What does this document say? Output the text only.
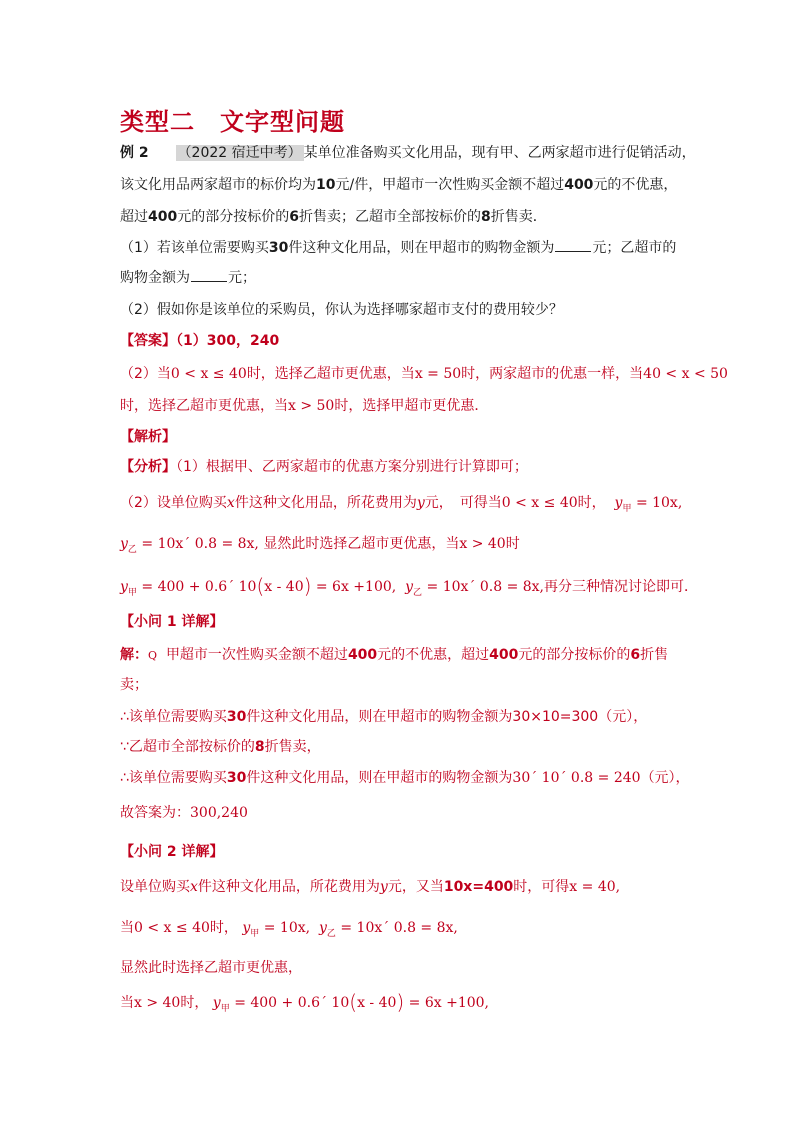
类型二　文字型问题
例 2 （2022 宿迁中考） 某单位准备购买文化用品，现有甲、乙两家超市进行促销活动，
该文化用品两家超市的标价均为10元/件，甲超市一次性购买金额不超过400元的不优惠，
超过400元的部分按标价的6折售卖；乙超市全部按标价的8折售卖．
（1）若该单位需要购买30件这种文化用品，则在甲超市的购物金额为	元；乙超市的
购物金额为	元；
（2）假如你是该单位的采购员，你认为选择哪家超市支付的费用较少？
【答案】（1）300，240
（2）当0 < x ≤ 40时，选择乙超市更优惠，当x = 50时，两家超市的优惠一样，当40 < x < 50
时，选择乙超市更优惠，当x > 50时，选择甲超市更优惠．
【解析】
【分析】（1）根据甲、乙两家超市的优惠方案分别进行计算即可；
（2）设单位购买x件这种文化用品，所花费用为y元，　可得当0 < x ≤ 40时， $y_甲 = 10x$,
$y_乙$ = 10x´ 0.8 = 8x, 显然此时选择乙超市更优惠，当x > 40时
$y_甲 = 400$ + 0.6´ 10(x - 40) = 6x +100, $y_乙$ = 10x´ 0.8 = 8x,再分三种情况讨论即可．
【小问 1 详解】
解：Q 甲超市一次性购买金额不超过400元的不优惠，超过400元的部分按标价的6折售
卖；
∴该单位需要购买30件这种文化用品，则在甲超市的购物金额为30×10=300（元），
∵乙超市全部按标价的8折售卖，
∴该单位需要购买30件这种文化用品，则在甲超市的购物金额为30´ 10´ 0.8 = 240（元），
故答案为：300,240
【小问 2 详解】
设单位购买x件这种文化用品，所花费用为y元，又当10x=400时，可得x = 40,
当0 < x ≤ 40时， $y_甲 = 10x$, $y_乙$ = 10x´ 0.8 = 8x,
显然此时选择乙超市更优惠，
当x > 40时， $y_甲 = 400$ + 0.6´ 10(x - 40) = 6x +100,
